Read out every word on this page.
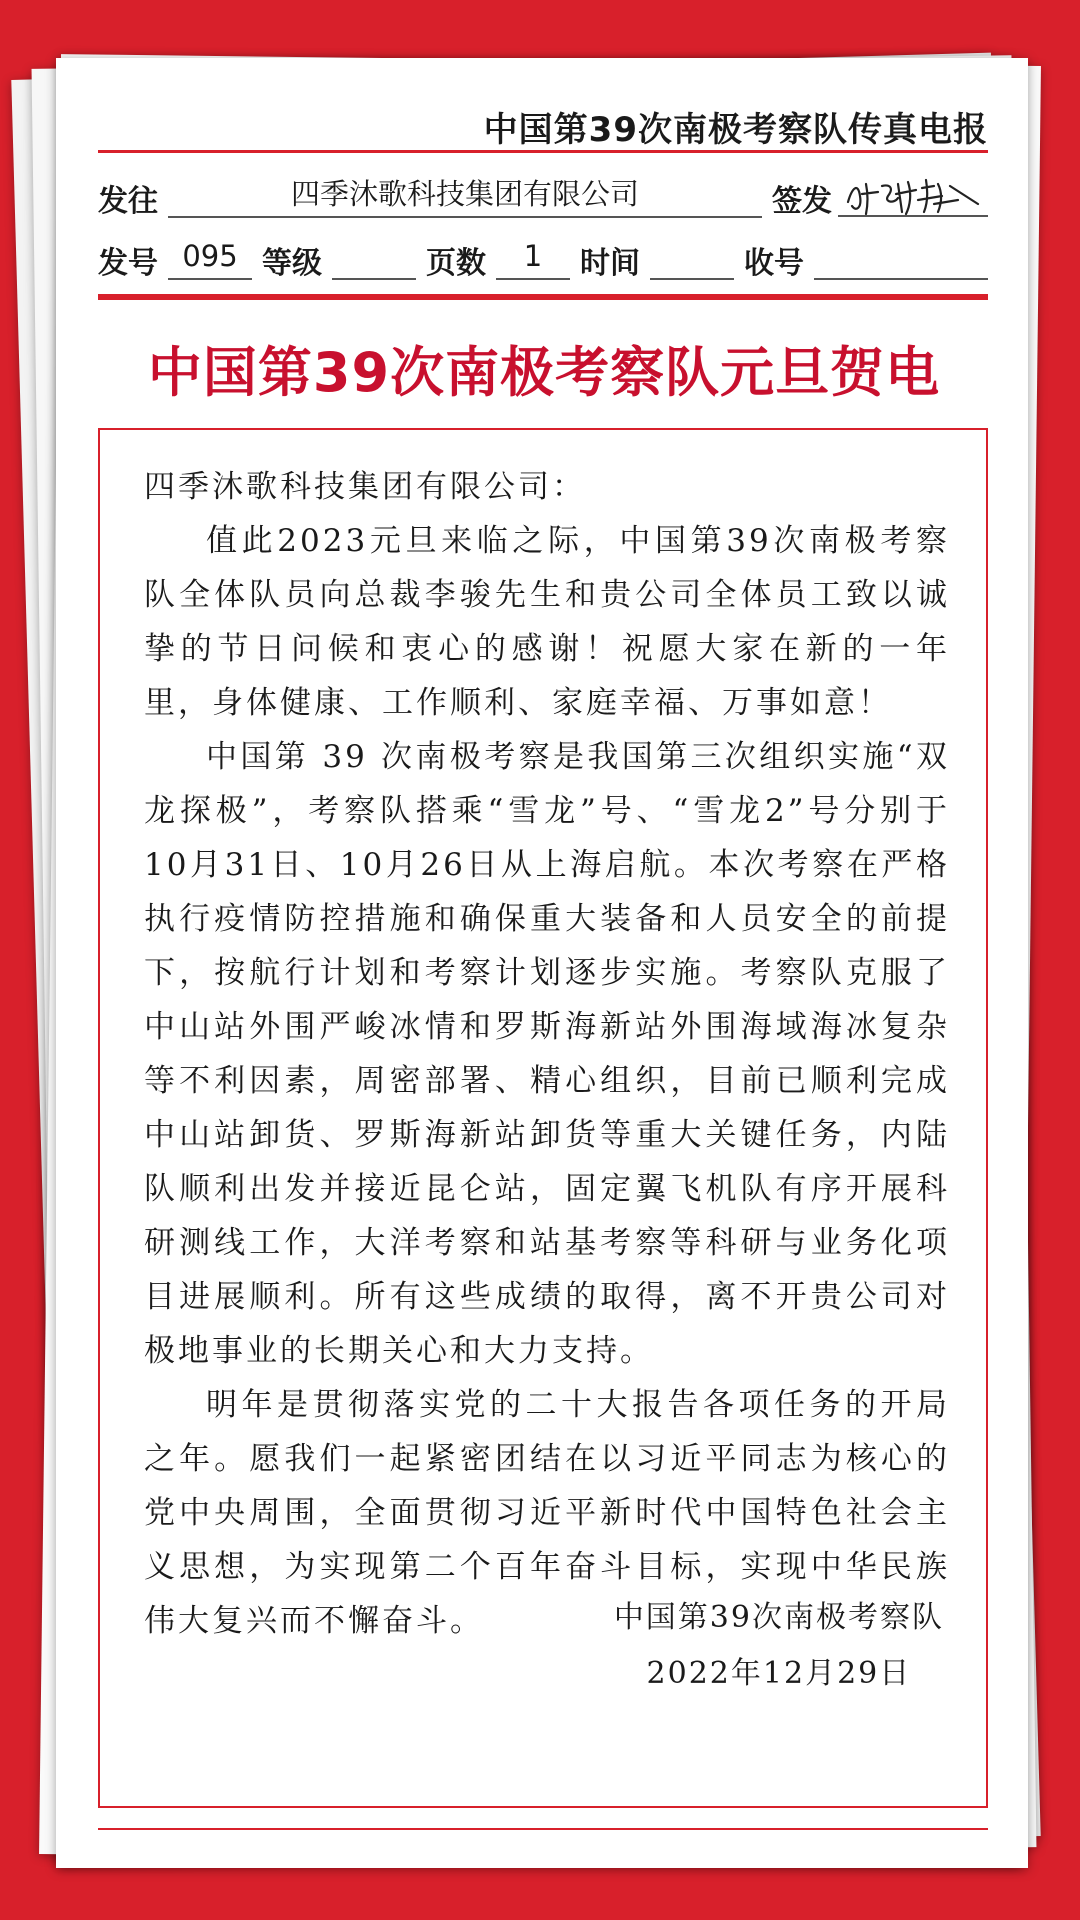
中国第39次南极考察队传真电报
发往	四季沐歌科技集团有限公司	签发
发号 095 等级	页数	1	时间	收号
中国第39次南极考察队元旦贺电

四季沐歌科技集团有限公司：

值此2023元旦来临之际，中国第39次南极考察队全体队员向总裁李骏先生和贵公司全体员工致以诚挚的节日问候和衷心的感谢！祝愿大家在新的一年里，身体健康、工作顺利、家庭幸福、万事如意！

中国第 39 次南极考察是我国第三次组织实施“双龙探极”，考察队搭乘“雪龙”号、“雪龙2”号分别于10月31日、10月26日从上海启航。本次考察在严格执行疫情防控措施和确保重大装备和人员安全的前提下，按航行计划和考察计划逐步实施。考察队克服了中山站外围严峻冰情和罗斯海新站外围海域海冰复杂等不利因素，周密部署、精心组织，目前已顺利完成中山站卸货、罗斯海新站卸货等重大关键任务，内陆队顺利出发并接近昆仑站，固定翼飞机队有序开展科研测线工作，大洋考察和站基考察等科研与业务化项目进展顺利。所有这些成绩的取得，离不开贵公司对极地事业的长期关心和大力支持。

明年是贯彻落实党的二十大报告各项任务的开局之年。愿我们一起紧密团结在以习近平同志为核心的党中央周围，全面贯彻习近平新时代中国特色社会主义思想，为实现第二个百年奋斗目标，实现中华民族伟大复兴而不懈奋斗。	中国第39次南极考察队
2022年12月29日
